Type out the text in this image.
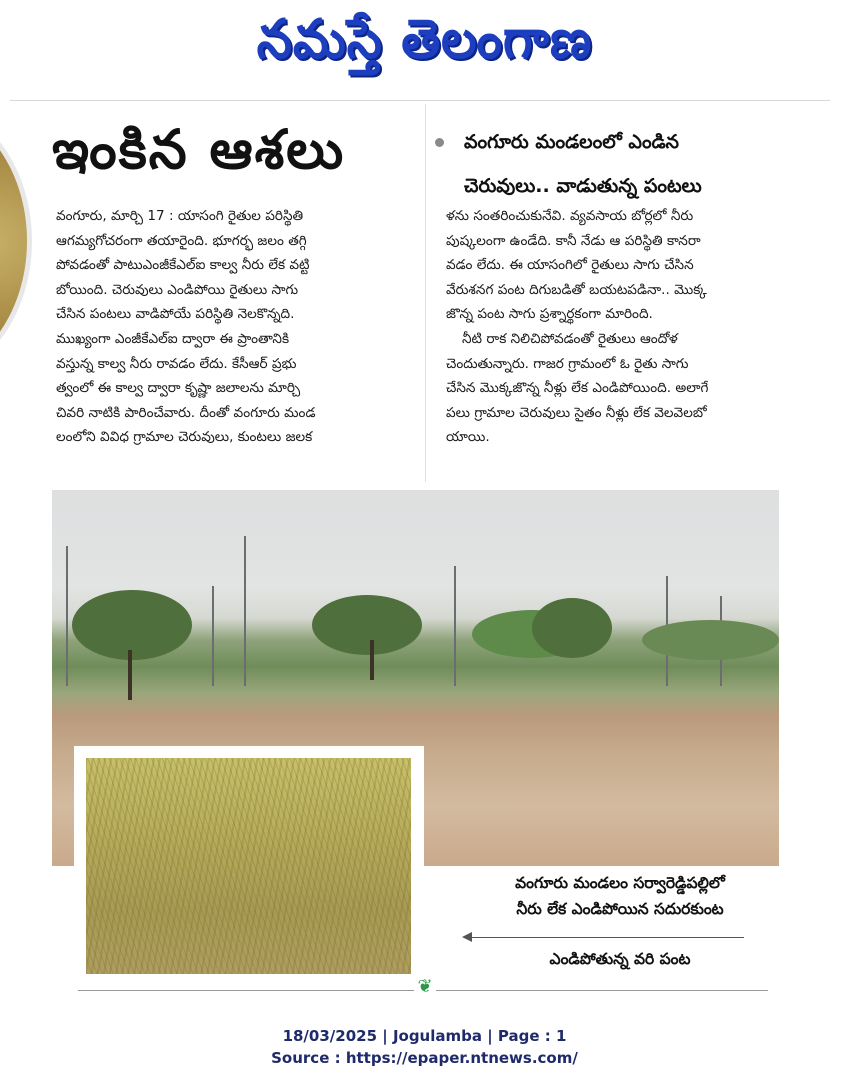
నమస్తే తెలంగాణ
ఇంకిన ఆశలు	వంగూరు మండలంలో ఎండిన
చెరువులు.. వాడుతున్న పంటలు
వంగూరు, మార్చి 17 : యాసంగి రైతుల పరిస్థితి
ఆగమ్యగోచరంగా తయారైంది. భూగర్భ జలం తగ్గి
పోవడంతో పాటుఎంజీకేఎల్ఐ కాల్వ నీరు లేక వట్టి
బోయింది. చెరువులు ఎండిపోయి రైతులు సాగు
చేసిన పంటలు వాడిపోయే పరిస్థితి నెలకొన్నది.
ముఖ్యంగా ఎంజీకేఎల్ఐ ద్వారా ఈ ప్రాంతానికి
వస్తున్న కాల్వ నీరు రావడం లేదు. కేసీఆర్ ప్రభు
త్వంలో ఈ కాల్వ ద్వారా కృష్ణా జలాలను మార్చి
చివరి నాటికి పారించేవారు. దీంతో వంగూరు మండ
లంలోని వివిధ గ్రామాల చెరువులు, కుంటలు జలక
ళను సంతరించుకునేవి. వ్యవసాయ బోర్లలో నీరు
పుష్కలంగా ఉండేది. కానీ నేడు ఆ పరిస్థితి కానరా
వడం లేదు. ఈ యాసంగిలో రైతులు సాగు చేసిన
వేరుశనగ పంట దిగుబడితో బయటపడినా.. మొక్క
జొన్న పంట సాగు ప్రశ్నార్థకంగా మారింది.
నీటి రాక నిలిచిపోవడంతో రైతులు ఆందోళ
చెందుతున్నారు. గాజర గ్రామంలో ఓ రైతు సాగు
చేసిన మొక్కజొన్న నీళ్లు లేక ఎండిపోయింది. అలాగే
పలు గ్రామాల చెరువులు సైతం నీళ్లు లేక వెలవెలబో
యాయి.
వంగూరు మండలం సర్వారెడ్డిపల్లిలో
నీరు లేక ఎండిపోయిన సదురకుంట
ఎండిపోతున్న వరి పంట
❦
18/03/2025 | Jogulamba | Page : 1
Source : https://epaper.ntnews.com/
